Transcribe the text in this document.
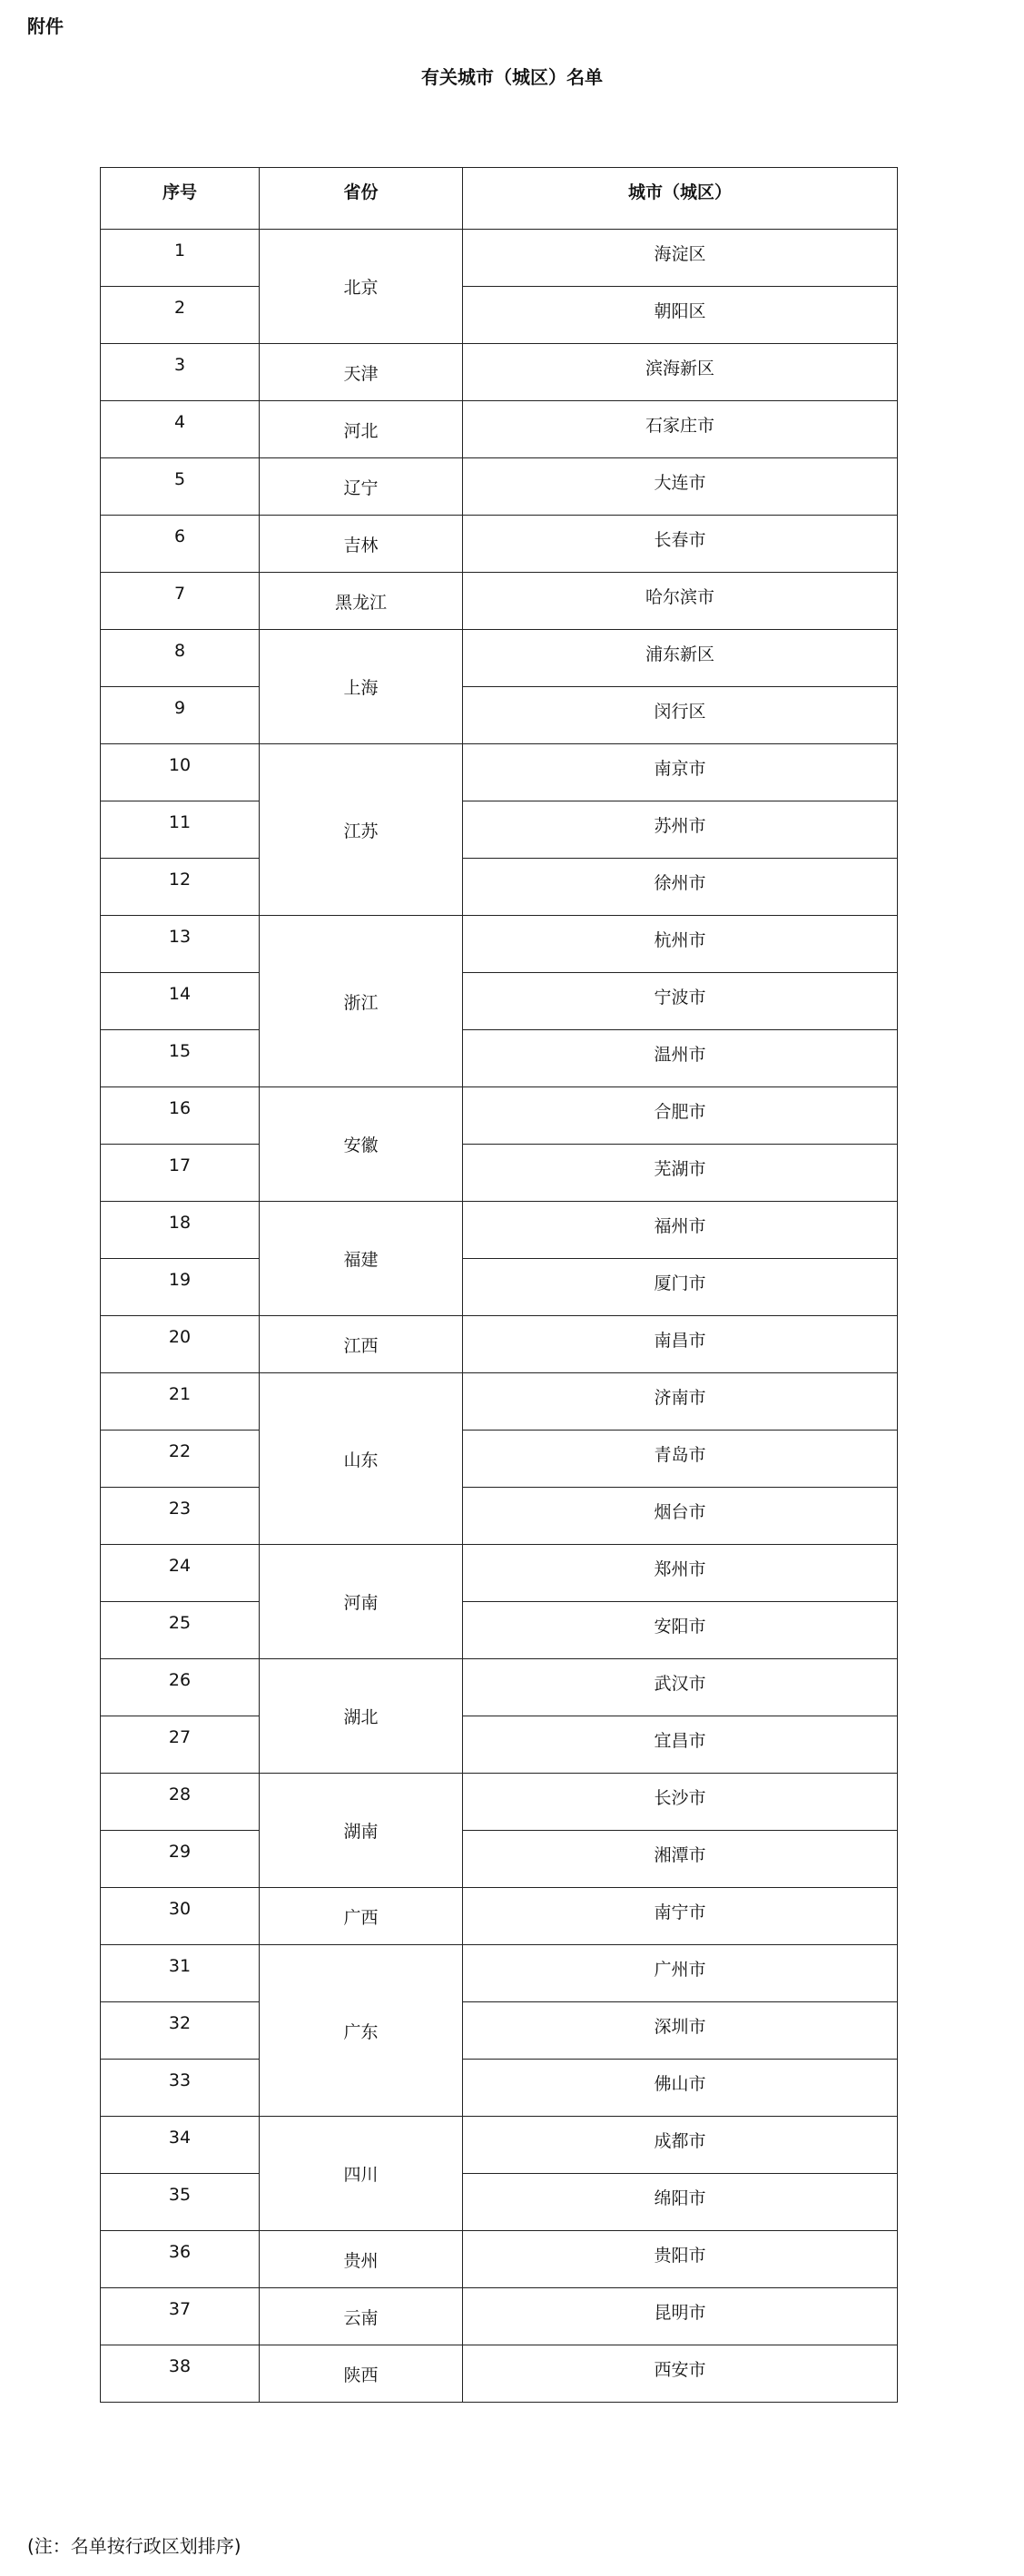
附件
有关城市（城区）名单
序号	省份	城市（城区）
1	北京	海淀区
2		朝阳区
3	天津	滨海新区
4	河北	石家庄市
5	辽宁	大连市
6	吉林	长春市
7	黑龙江	哈尔滨市
8	上海	浦东新区
9		闵行区
10	江苏	南京市
11		苏州市
12		徐州市
13	浙江	杭州市
14		宁波市
15		温州市
16	安徽	合肥市
17		芜湖市
18	福建	福州市
19		厦门市
20	江西	南昌市
21	山东	济南市
22		青岛市
23		烟台市
24	河南	郑州市
25		安阳市
26	湖北	武汉市
27		宜昌市
28	湖南	长沙市
29		湘潭市
30	广西	南宁市
31	广东	广州市
32		深圳市
33		佛山市
34	四川	成都市
35		绵阳市
36	贵州	贵阳市
37	云南	昆明市
38	陕西	西安市
(注：名单按行政区划排序)
